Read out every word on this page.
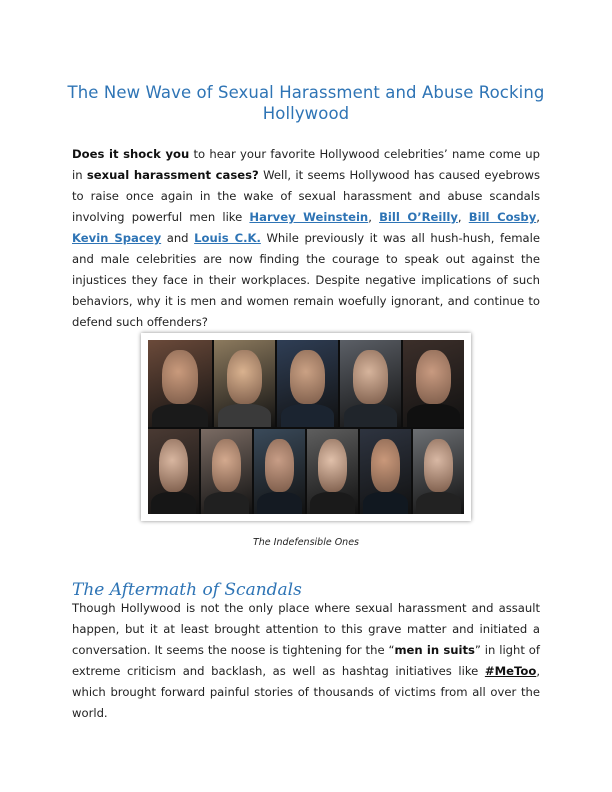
The New Wave of Sexual Harassment and Abuse Rocking Hollywood
Does it shock you to hear your favorite Hollywood celebrities’ name come up in sexual harassment cases? Well, it seems Hollywood has caused eyebrows to raise once again in the wake of sexual harassment and abuse scandals involving powerful men like Harvey Weinstein, Bill O’Reilly, Bill Cosby, Kevin Spacey and Louis C.K. While previously it was all hush-hush, female and male celebrities are now finding the courage to speak out against the injustices they face in their workplaces. Despite negative implications of such behaviors, why it is men and women remain woefully ignorant, and continue to defend such offenders?
The Indefensible Ones
The Aftermath of Scandals
Though Hollywood is not the only place where sexual harassment and assault happen, but it at least brought attention to this grave matter and initiated a conversation. It seems the noose is tightening for the “men in suits” in light of extreme criticism and backlash, as well as hashtag initiatives like #MeToo, which brought forward painful stories of thousands of victims from all over the world.
